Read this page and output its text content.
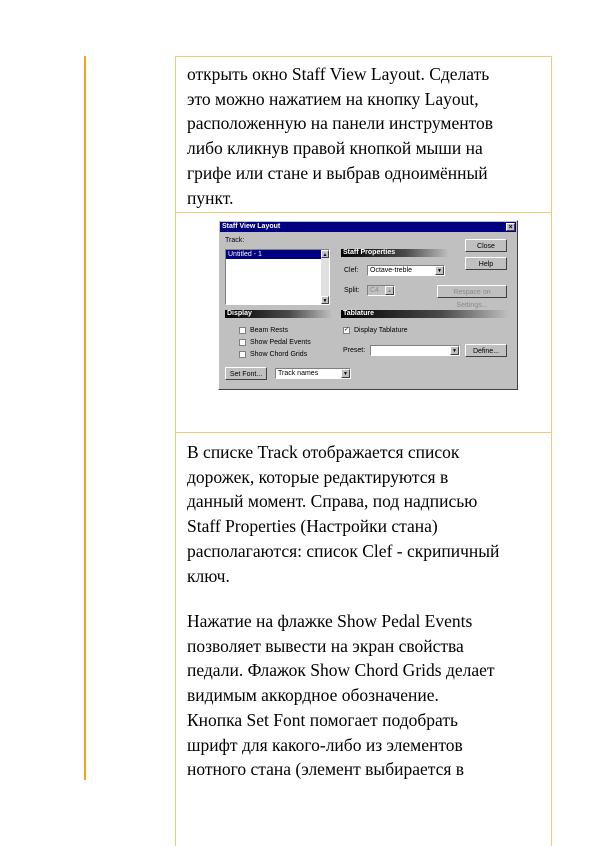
открыть окно Staff View Layout. Сделать
это можно нажатием на кнопку Layout,
расположенную на панели инструментов
либо кликнув правой кнопкой мыши на
грифе или стане и выбрав одноимённый
пункт.

Staff View Layout	×
Track:
Untitled - 1	▲
▼
Staff Properties
Clef:	Octave-treble	▼
Split:	C4	▲	Respace on Settings...
Close
Help
Display
Beam Rests
Show Pedal Events
Show Chord Grids
Tablature
✓ Display Tablature
Preset:	▼	Define...
Set Font...	Track names	▼

В списке Track отображается список
дорожек, которые редактируются в
данный момент. Справа, под надписью
Staff Properties (Настройки стана)
располагаются: список Clef - скрипичный
ключ.

Нажатие на флажке Show Pedal Events
позволяет вывести на экран свойства
педали. Флажок Show Chord Grids делает
видимым аккордное обозначение.
Кнопка Set Font помогает подобрать
шрифт для какого-либо из элементов
нотного стана (элемент выбирается в
